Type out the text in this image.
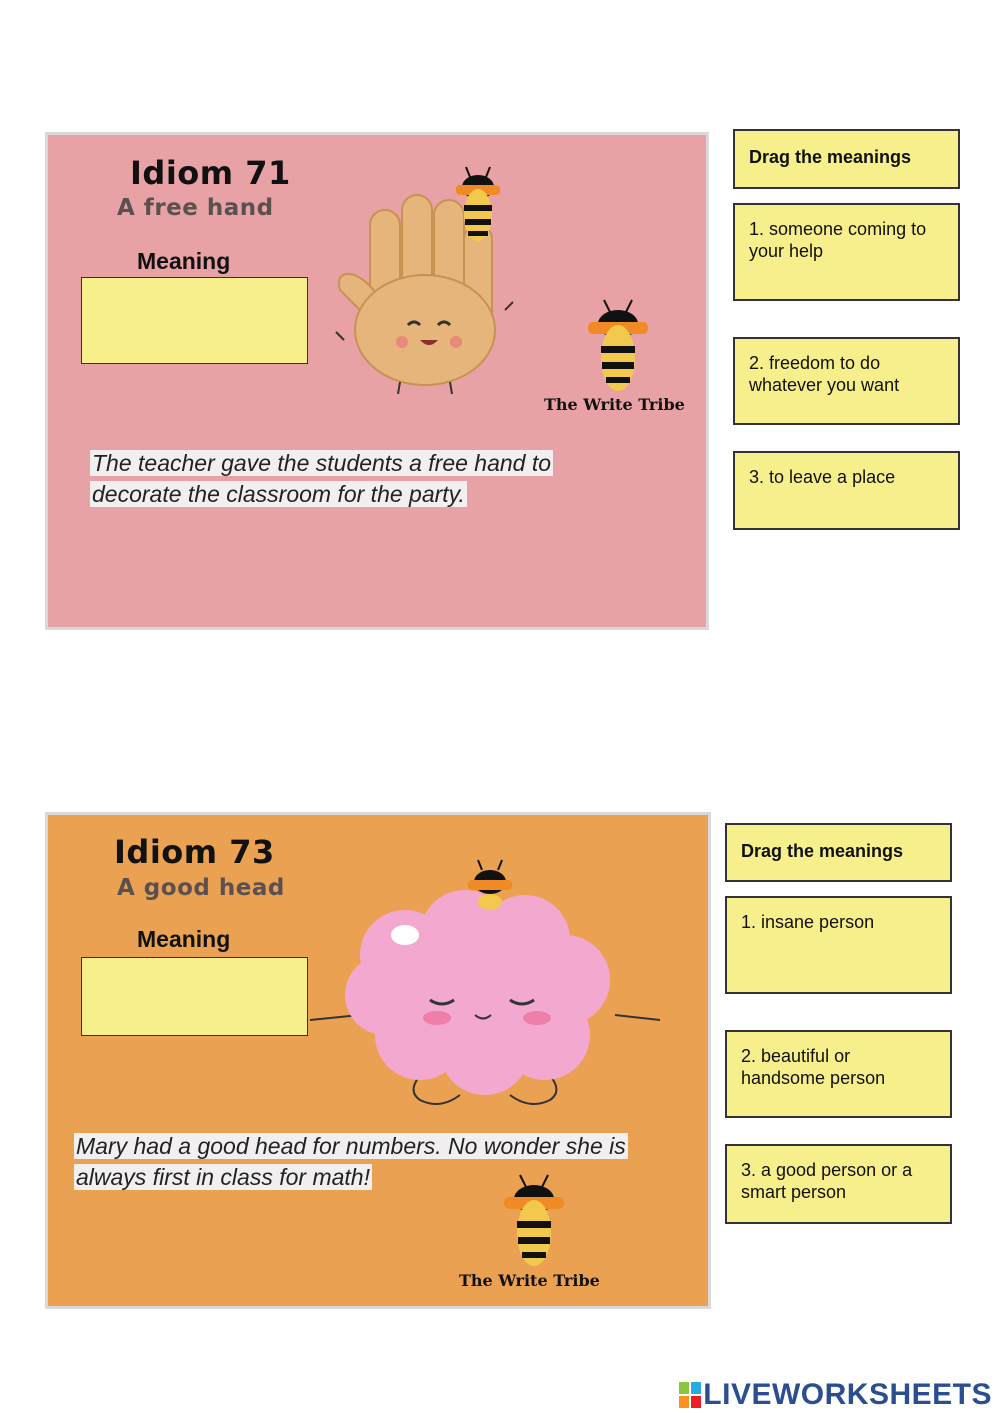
Idiom 71
A free hand
Meaning
The Write Tribe
The teacher gave the students a free hand to decorate the classroom for the party.
Drag the meanings
1. someone coming to your help
2. freedom to do whatever you want
3. to leave a place
Idiom 73
A good head
Meaning
Mary had a good head for numbers. No wonder she is always first in class for math!
The Write Tribe
Drag the meanings
1. insane person
2. beautiful or handsome person
3. a good person or a smart person
LIVEWORKSHEETS
